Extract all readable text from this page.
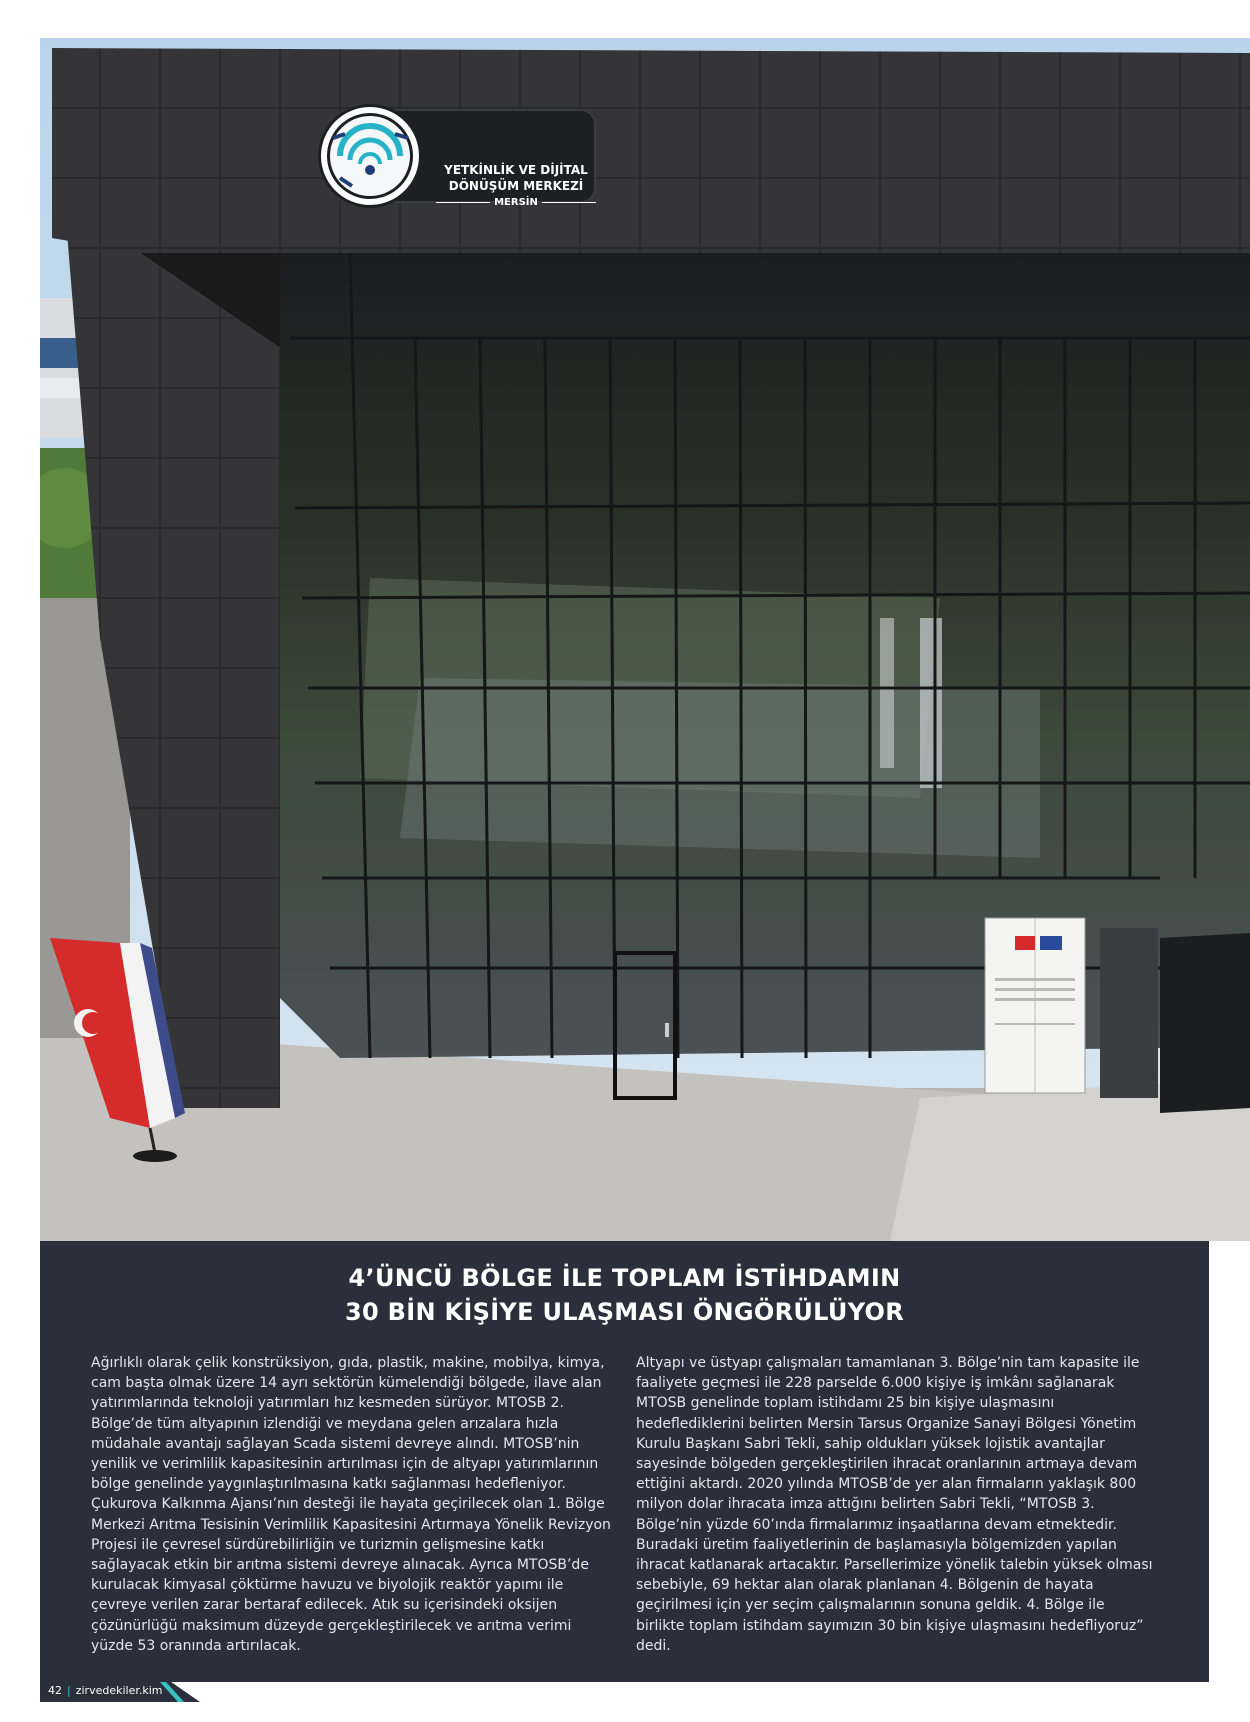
YETKİNLİK VE DİJİTAL
DÖNÜŞÜM MERKEZİ
MERSİN
4’ÜNCÜ BÖLGE İLE TOPLAM İSTİHDAMIN
30 BİN KİŞİYE ULAŞMASI ÖNGÖRÜLÜYOR

Ağırlıklı olarak çelik konstrüksiyon, gıda, plastik, makine, mobilya, kimya, cam başta olmak üzere 14 ayrı sektörün kümelendiği bölgede, ilave alan yatırımlarında teknoloji yatırımları hız kesmeden sürüyor. MTOSB 2. Bölge’de tüm altyapının izlendiği ve meydana gelen arızalara hızla müdahale avantajı sağlayan Scada sistemi devreye alındı. MTOSB’nin yenilik ve verimlilik kapasitesinin artırılması için de altyapı yatırımlarının bölge genelinde yaygınlaştırılmasına katkı sağlanması hedefleniyor. Çukurova Kalkınma Ajansı’nın desteği ile hayata geçirilecek olan 1. Bölge Merkezi Arıtma Tesisinin Verimlilik Kapasitesini Artırmaya Yönelik Revizyon Projesi ile çevresel sürdürebilirliğin ve turizmin gelişmesine katkı sağlayacak etkin bir arıtma sistemi devreye alınacak. Ayrıca MTOSB’de kurulacak kimyasal çöktürme havuzu ve biyolojik reaktör yapımı ile çevreye verilen zarar bertaraf edilecek. Atık su içerisindeki oksijen çözünürlüğü maksimum düzeyde gerçekleştirilecek ve arıtma verimi yüzde 53 oranında artırılacak.

Altyapı ve üstyapı çalışmaları tamamlanan 3. Bölge’nin tam kapasite ile faaliyete geçmesi ile 228 parselde 6.000 kişiye iş imkânı sağlanarak MTOSB genelinde toplam istihdamı 25 bin kişiye ulaşmasını hedeflediklerini belirten Mersin Tarsus Organize Sanayi Bölgesi Yönetim Kurulu Başkanı Sabri Tekli, sahip oldukları yüksek lojistik avantajlar sayesinde bölgeden gerçekleştirilen ihracat oranlarının artmaya devam ettiğini aktardı. 2020 yılında MTOSB’de yer alan firmaların yaklaşık 800 milyon dolar ihracata imza attığını belirten Sabri Tekli, “MTOSB 3. Bölge’nin yüzde 60’ında firmalarımız inşaatlarına devam etmektedir. Buradaki üretim faaliyetlerinin de başlamasıyla bölgemizden yapılan ihracat katlanarak artacaktır. Parsellerimize yönelik talebin yüksek olması sebebiyle, 69 hektar alan olarak planlanan 4. Bölgenin de hayata geçirilmesi için yer seçim çalışmalarının sonuna geldik. 4. Bölge ile birlikte toplam istihdam sayımızın 30 bin kişiye ulaşmasını hedefliyoruz” dedi.

42 | zirvedekiler.kim
